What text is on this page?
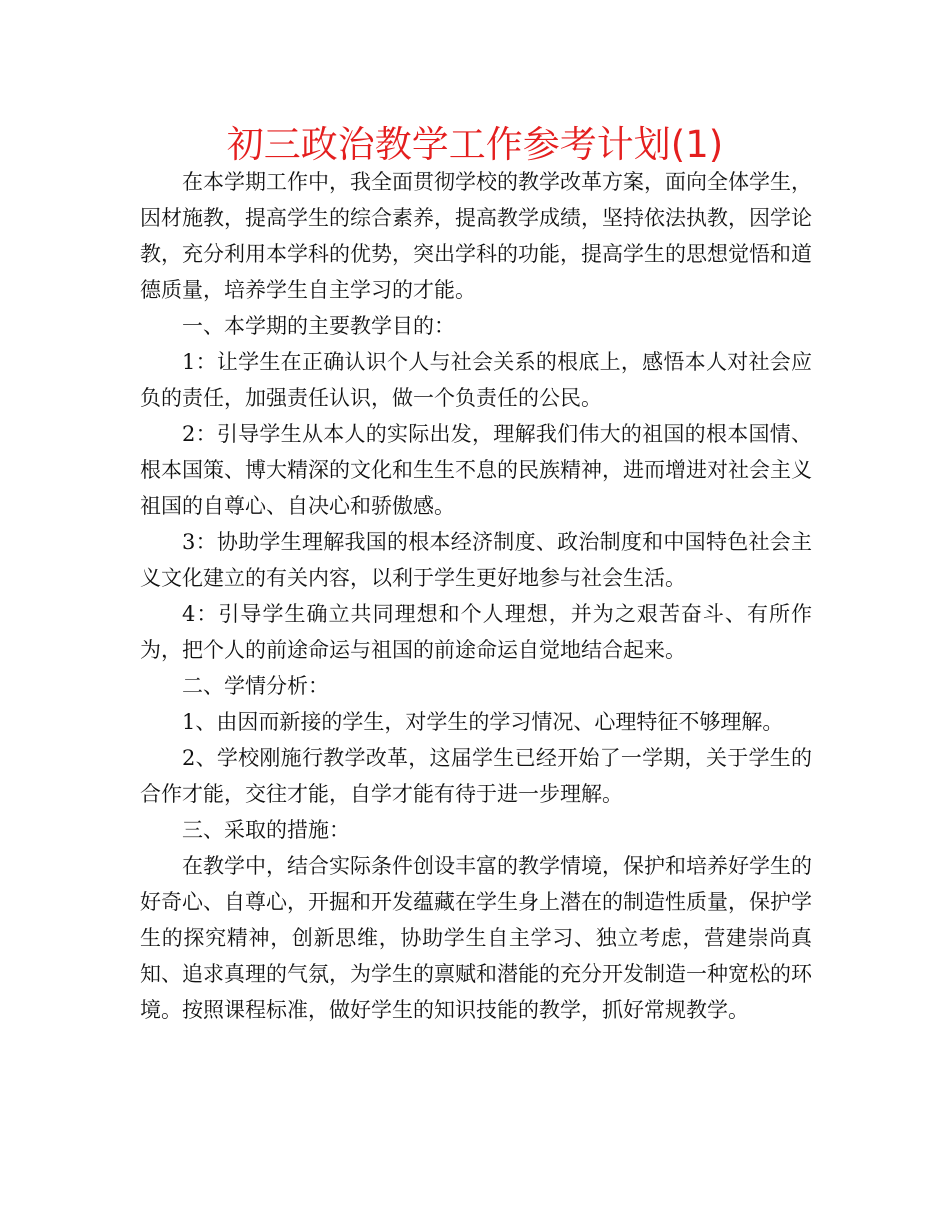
初三政治教学工作参考计划(1)

在本学期工作中，我全面贯彻学校的教学改革方案，面向全体学生，因材施教，提高学生的综合素养，提高教学成绩，坚持依法执教，因学论教，充分利用本学科的优势，突出学科的功能，提高学生的思想觉悟和道德质量，培养学生自主学习的才能。

一、本学期的主要教学目的：

1：让学生在正确认识个人与社会关系的根底上，感悟本人对社会应负的责任，加强责任认识，做一个负责任的公民。

2：引导学生从本人的实际出发，理解我们伟大的祖国的根本国情、根本国策、博大精深的文化和生生不息的民族精神，进而增进对社会主义祖国的自尊心、自决心和骄傲感。

3：协助学生理解我国的根本经济制度、政治制度和中国特色社会主义文化建立的有关内容，以利于学生更好地参与社会生活。

4：引导学生确立共同理想和个人理想，并为之艰苦奋斗、有所作为，把个人的前途命运与祖国的前途命运自觉地结合起来。

二、学情分析：

1、由因而新接的学生，对学生的学习情况、心理特征不够理解。

2、学校刚施行教学改革，这届学生已经开始了一学期，关于学生的合作才能，交往才能，自学才能有待于进一步理解。

三、采取的措施：

在教学中，结合实际条件创设丰富的教学情境，保护和培养好学生的好奇心、自尊心，开掘和开发蕴藏在学生身上潜在的制造性质量，保护学生的探究精神，创新思维，协助学生自主学习、独立考虑，营建崇尚真知、追求真理的气氛，为学生的禀赋和潜能的充分开发制造一种宽松的环境。按照课程标准，做好学生的知识技能的教学，抓好常规教学。
